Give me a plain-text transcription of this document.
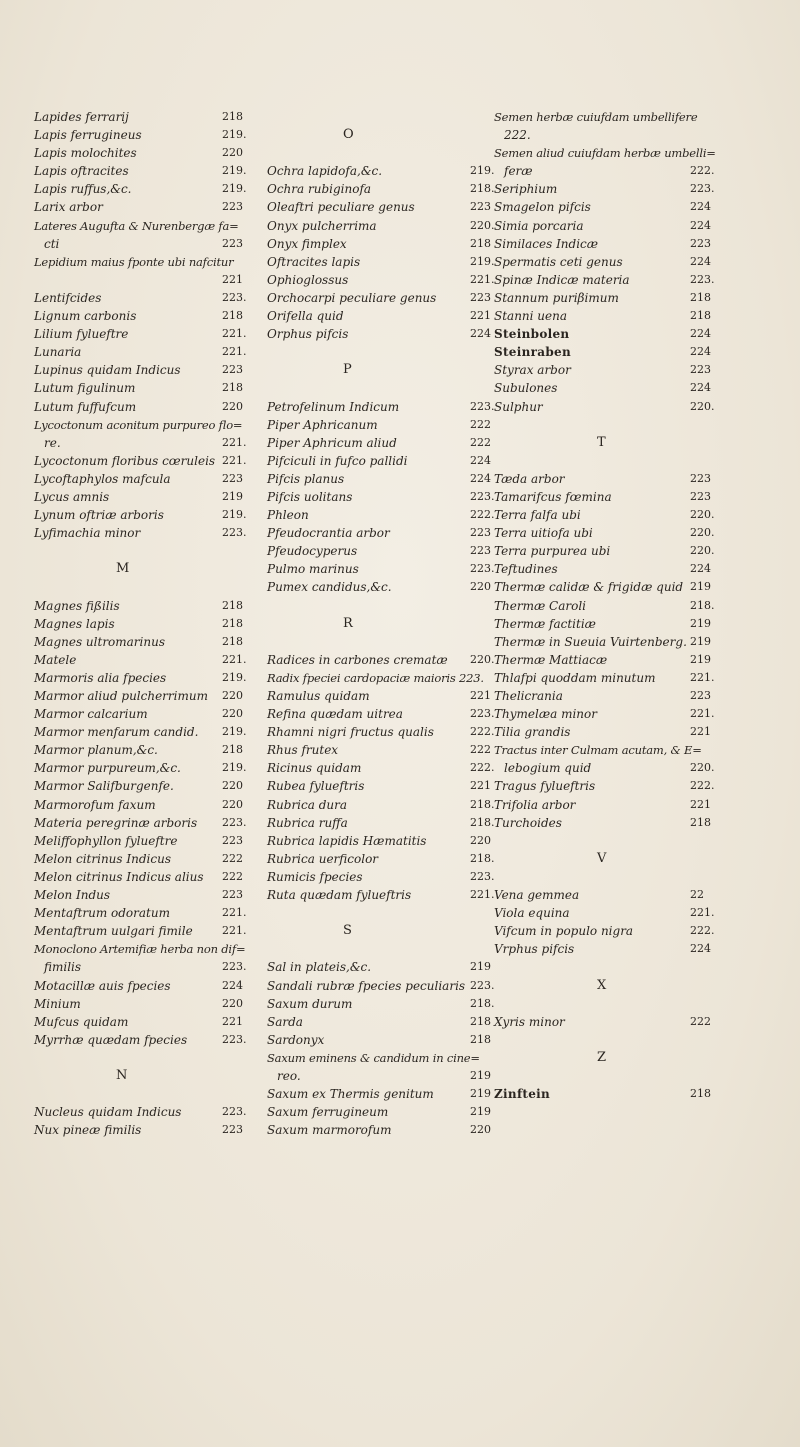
Lapides ferrarij	218
Lapis ferrugineus	219.
Lapis molochites	220
Lapis oftracites	219.
Lapis ruffus,&c.	219.
Larix arbor	223
Lateres Augufta & Nurenbergæ fa=
cti	223
Lepidium maius fponte ubi nafcitur
221
Lentifcides	223.
Lignum carbonis	218
Lilium fylueftre	221.
Lunaria	221.
Lupinus quidam Indicus	223
Lutum figulinum	218
Lutum fuffufcum	220
Lycoctonum aconitum purpureo flo=
re.	221.
Lycoctonum floribus cœruleis 221.
Lycoftaphylos mafcula	223
Lycus amnis	219
Lynum oftriæ arboris	219.
Lyfimachia minor	223.
M
Magnes fißilis	218
Magnes lapis	218
Magnes ultromarinus	218
Matele	221.
Marmoris alia fpecies	219.
Marmor aliud pulcherrimum 220
Marmor calcarium	220
Marmor menfarum candid. 219.
Marmor planum,&c.	218
Marmor purpureum,&c.	219.
Marmor Salifburgenfe.	220
Marmorofum faxum	220
Materia peregrinæ arboris 223.
Meliffophyllon fylueftre	223
Melon citrinus Indicus	222
Melon citrinus Indicus alius 222
Melon Indus	223
Mentaftrum odoratum	221.
Mentaftrum uulgari fimile	221.
Monoclono Artemifiæ herba non dif=
fimilis	223.
Motacillæ auis fpecies	224
Minium	220
Mufcus quidam	221
Myrrhæ quædam fpecies	223.
N
Nucleus quidam Indicus	223.
Nux pineæ fimilis	223
O
Ochra lapidofa,&c.	219.
Ochra rubiginofa	218.
Oleaftri peculiare genus	223
Onyx pulcherrima	220.
Onyx fimplex	218
Oftracites lapis	219.
Ophioglossus	221.
Orchocarpi peculiare genus	223
Orifella quid	221
Orphus pifcis	224
P
Petrofelinum Indicum	223.
Piper Aphricanum	222
Piper Aphricum aliud	222
Pifciculi in fufco pallidi	224
Pifcis planus	224
Pifcis uolitans	223.
Phleon	222.
Pfeudocrantia arbor	223
Pfeudocyperus	223
Pulmo marinus	223.
Pumex candidus,&c.	220
R
Radices in carbones crematæ 220.
Radix fpeciei cardopaciæ maioris 223.
Ramulus quidam	221
Refina quædam uitrea	223.
Rhamni nigri fructus qualis	222.
Rhus frutex	222
Ricinus quidam	222.
Rubea fylueftris	221
Rubrica dura	218.
Rubrica ruffa	218.
Rubrica lapidis Hæmatitis	220
Rubrica uerficolor	218.
Rumicis fpecies	223.
Ruta quædam fylueftris	221.
S
Sal in plateis,&c.	219
Sandali rubræ fpecies peculiaris 223.
Saxum durum	218.
Sarda	218
Sardonyx	218
Saxum eminens & candidum in cine=
reo.	219
Saxum ex Thermis genitum	219
Saxum ferrugineum	219
Saxum marmorofum	220
Semen herbæ cuiufdam umbellifere
222.
Semen aliud cuiufdam herbæ umbelli=
feræ	222.
Seriphium	223.
Smagelon pifcis	224
Simia porcaria	224
Similaces Indicæ	223
Spermatis ceti genus	224
Spinæ Indicæ materia	223.
Stannum puriβimum	218
Stanni uena	218
Steinbolen	224
Steinraben	224
Styrax arbor	223
Subulones	224
Sulphur	220.
T
Tæda arbor	223
Tamarifcus fœmina	223
Terra falfa ubi	220.
Terra uitiofa ubi	220.
Terra purpurea ubi	220.
Teftudines	224
Thermæ calidæ & frigidæ quid 219
Thermæ Caroli	218.
Thermæ factitiæ	219
Thermæ in Sueuia Vuirtenberg. 219
Thermæ Mattiacæ	219
Thlafpi quoddam minutum	221.
Thelicrania	223
Thymelæa minor	221.
Tilia grandis	221
Tractus inter Culmam acutam, & E=
lebogium quid	220.
Tragus fylueftris	222.
Trifolia arbor	221
Turchoides	218
V
Vena gemmea	22
Viola equina	221.
Vifcum in populo nigra	222.
Vrphus pifcis	224
X
Xyris minor	222
Z
Zinftein	218
